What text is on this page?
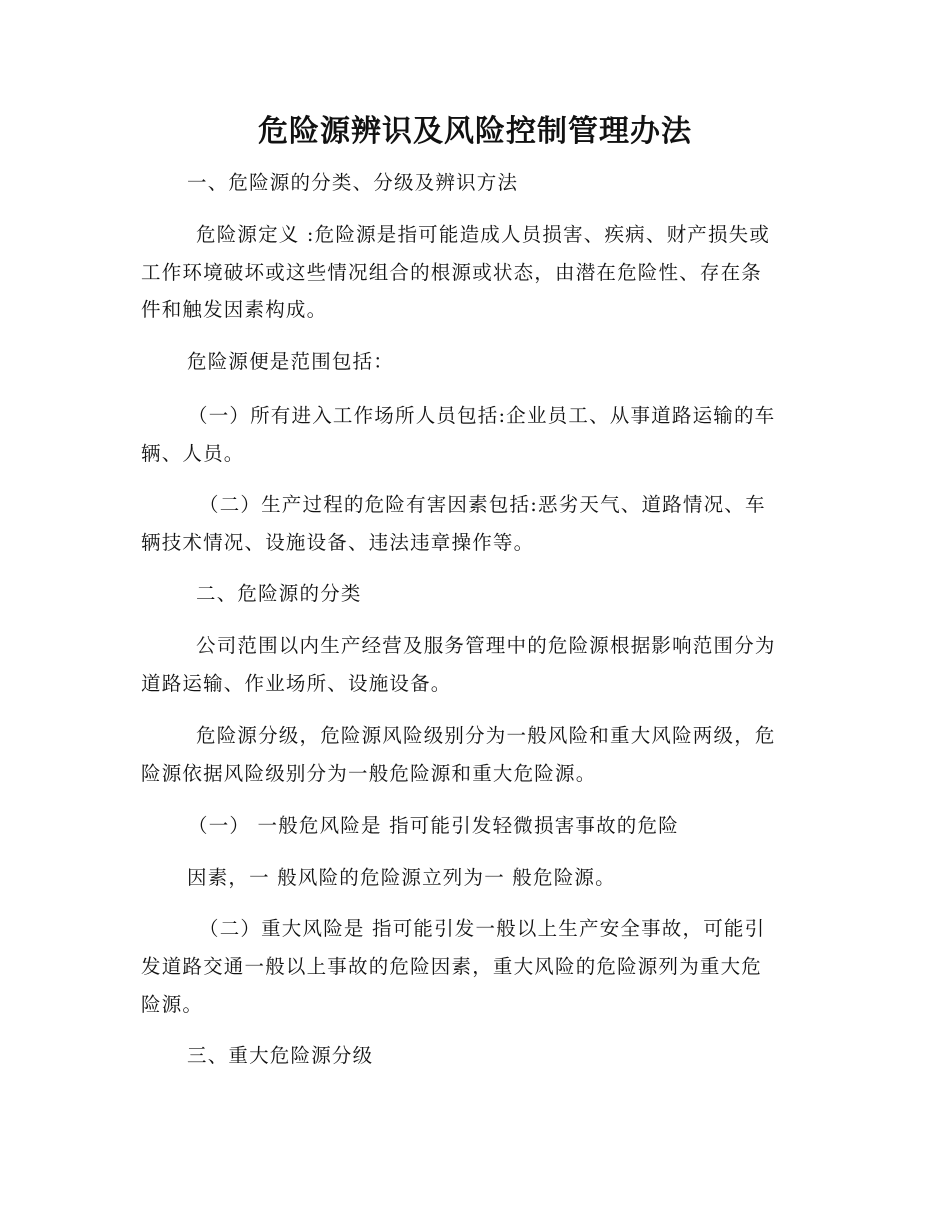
危险源辨识及风险控制管理办法
一、危险源的分类、分级及辨识方法
危险源定义 :危险源是指可能造成人员损害、疾病、财产损失或
工作环境破坏或这些情况组合的根源或状态，由潜在危险性、存在条
件和触发因素构成。
危险源便是范围包括：
（一）所有进入工作场所人员包括:企业员工、从事道路运输的车
辆、人员。
（二）生产过程的危险有害因素包括:恶劣天气、道路情况、车
辆技术情况、设施设备、违法违章操作等。
二、危险源的分类
公司范围以内生产经营及服务管理中的危险源根据影响范围分为
道路运输、作业场所、设施设备。
危险源分级，危险源风险级别分为一般风险和重大风险两级，危
险源依据风险级别分为一般危险源和重大危险源。
（一） 一般危风险是 指可能引发轻微损害事故的危险
因素，一 般风险的危险源立列为一 般危险源。
（二）重大风险是 指可能引发一般以上生产安全事故，可能引
发道路交通一般以上事故的危险因素，重大风险的危险源列为重大危
险源。
三、重大危险源分级
